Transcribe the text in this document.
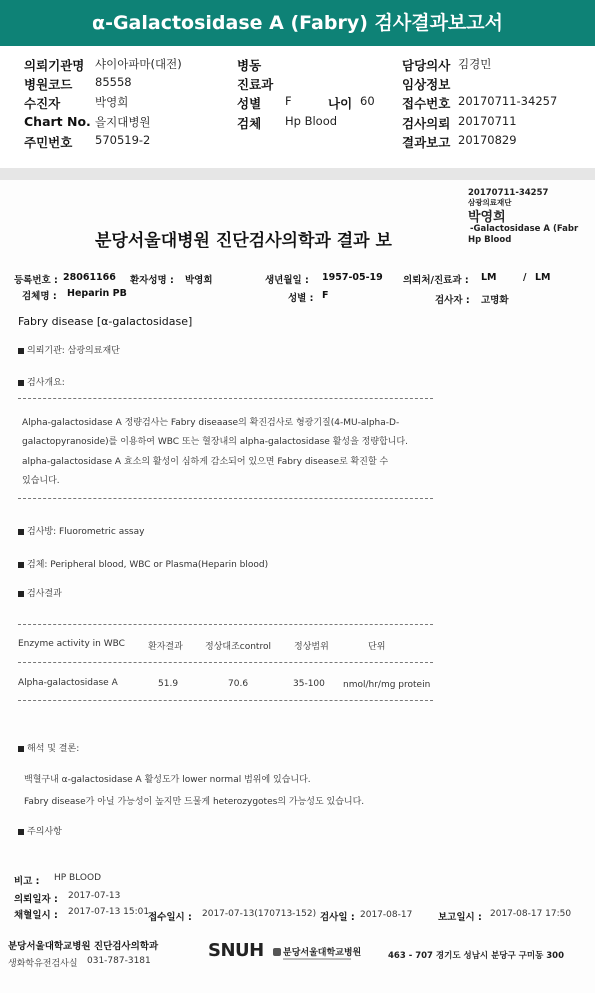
α-Galactosidase A (Fabry) 검사결과보고서
의뢰기관명 샤이아파마(대전)
병원코드 85558
수진자	박영희
Chart No. 을지대병원
주민번호 570519-2
병동
진료과
성별 F	나이 60
검체 Hp Blood
담당의사 김경민
임상정보
접수번호 20170711-34257
검사의뢰 20170711
결과보고 20170829
20170711-34257
삼광의료재단
박영희
-Galactosidase A (Fabr
Hp Blood
분당서울대병원 진단검사의학과 결과 보
등록번호 : 28061166 환자성명 : 박영희	생년월일 : 1957-05-19 의뢰처/진료과 : LM	/ LM
검체명 : Heparin PB	성별 : F	검사자 : 고명화
Fabry disease [α-galactosidase]
의뢰기관: 삼광의료재단
검사개요:
Alpha-galactosidase A 정량검사는 Fabry diseaase의 확진검사로 형광기질(4-MU-alpha-D-
galactopyranoside)를 이용하여 WBC 또는 혈장내의 alpha-galactosidase 활성을 정량합니다.
alpha-galactosidase A 효소의 활성이 심하게 감소되어 있으면 Fabry disease로 확진할 수
있습니다.
검사방: Fluorometric assay
검체: Peripheral blood, WBC or Plasma(Heparin blood)
검사결과
Enzyme activity in WBC	환자결과 정상대조control	정상범위	단위
Alpha-galactosidase A	51.9	70.6	35-100 nmol/hr/mg protein
해석 및 결론:
백혈구내 α-galactosidase A 활성도가 lower normal 범위에 있습니다.
Fabry disease가 아닐 가능성이 높지만 드물게 heterozygotes의 가능성도 있습니다.
주의사항
비고 : HP BLOOD
의뢰일자 : 2017-07-13
채혈일시 : 2017-07-13 15:01
접수일시 : 2017-07-13(170713-152) 검사일 : 2017-08-17	보고일시 : 2017-08-17 17:50
분당서울대학교병원 진단검사의학과
생화학유전검사실 031-787-3181	SNUH 분당서울대학교병원	463 - 707 경기도 성남시 분당구 구미동 300
